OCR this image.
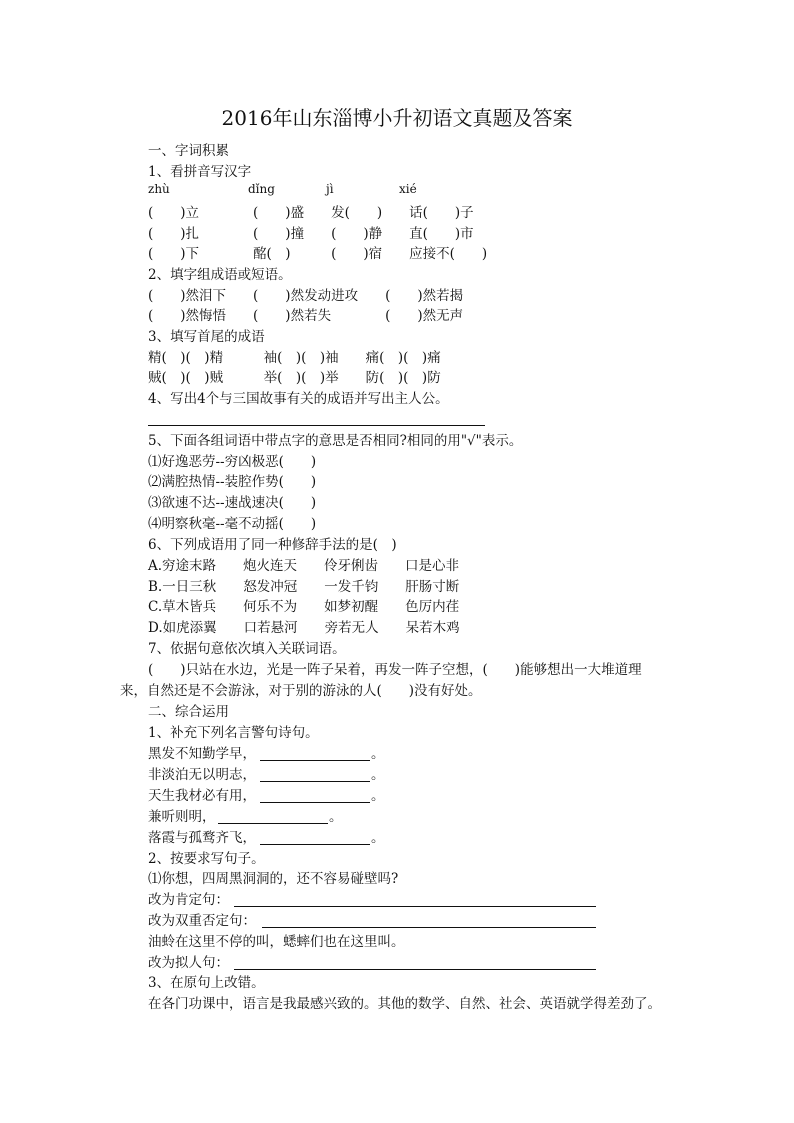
2016年山东淄博小升初语文真题及答案
zhù	dǐng	jì	xié
一、字词积累
1、看拼音写汉字
(　　)立　　　　(　　)盛　　发(　　)　　话(　　)子
(　　)扎　　　　(　　)撞　　(　　)静　　直(　　)市
(　　)下　　　　酩(　)　　　(　　)宿　　应接不(　　)
2、填字组成语或短语。
(　　)然泪下　　(　　)然发动进攻　　(　　)然若揭
(　　)然悔悟　　(　　)然若失　　　　(　　)然无声
3、填写首尾的成语
精(　)(　)精　　　袖(　)(　)袖　　痛(　)(　)痛
贼(　)(　)贼　　　举(　)(　)举　　防(　)(　)防
4、写出4个与三国故事有关的成语并写出主人公。
5、下面各组词语中带点字的意思是否相同?相同的用"√"表示。
⑴好逸恶劳--穷凶极恶(　　)
⑵满腔热情--装腔作势(　　)
⑶欲速不达--速战速决(　　)
⑷明察秋毫--毫不动摇(　　)
6、下列成语用了同一种修辞手法的是(　)
A.穷途末路　　炮火连天　　伶牙俐齿　　口是心非
B.一日三秋　　怒发冲冠　　一发千钧　　肝肠寸断
C.草木皆兵　　何乐不为　　如梦初醒　　色厉内荏
D.如虎添翼　　口若悬河　　旁若无人　　呆若木鸡
7、依据句意依次填入关联词语。
(　　)只站在水边，光是一阵子呆着，再发一阵子空想，(　　)能够想出一大堆道理
来，自然还是不会游泳，对于别的游泳的人(　　)没有好处。
二、综合运用
1、补充下列名言警句诗句。
黑发不知勤学早，	。
非淡泊无以明志，	。
天生我材必有用，	。
兼听则明，	。
落霞与孤鹜齐飞，	。
2、按要求写句子。
⑴你想，四周黑洞洞的，还不容易碰壁吗?
改为肯定句：
改为双重否定句：
油蛉在这里不停的叫，蟋蟀们也在这里叫。
改为拟人句：
3、在原句上改错。
在各门功课中，语言是我最感兴致的。其他的数学、自然、社会、英语就学得差劲了。
